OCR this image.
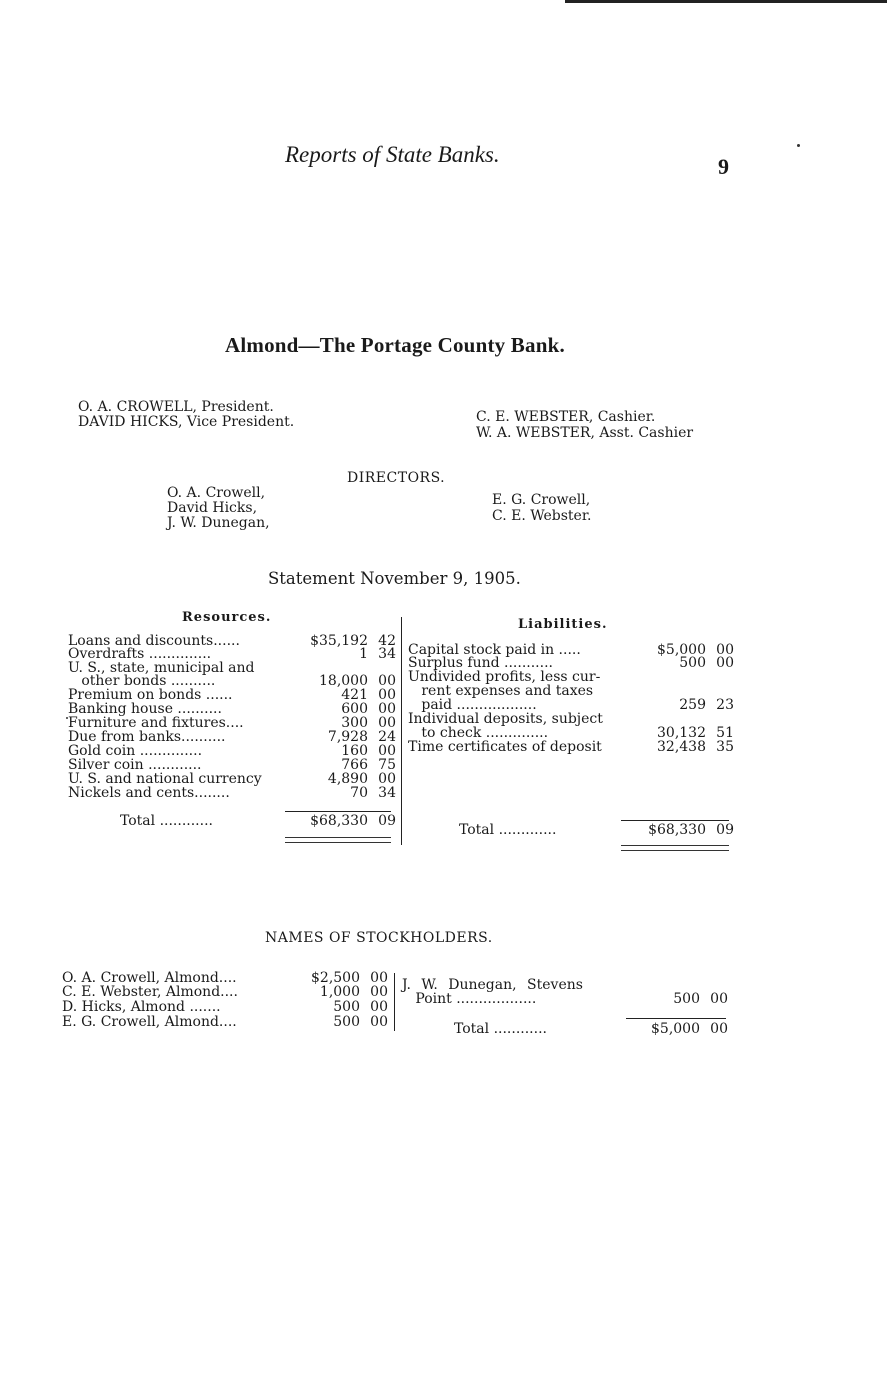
Reports of State Banks.	9
Almond—The Portage County Bank.
O. A. CROWELL, President.
DAVID HICKS, Vice President.	C. E. WEBSTER, Cashier.
W. A. WEBSTER, Asst. Cashier
DIRECTORS.
O. A. Crowell,
David Hicks,
J. W. Dunegan,
E. G. Crowell,
C. E. Webster.
Statement November 9, 1905.
Resources.	Liabilities.
Loans and discounts......	$35,192 42
Overdrafts ..............	1 34
U. S., state, municipal and
other bonds ..........	18,000 00
Premium on bonds ......	421 00
Banking house ..........	600 00
Furniture and fixtures....	300 00
Due from banks..........	7,928 24
Gold coin ..............	160 00
Silver coin ............	766 75
U. S. and national currency	4,890 00
Nickels and cents........	70 34
Total ............	$68,330 09
Capital stock paid in .....	$5,000 00
Surplus fund ...........	500 00
Undivided profits, less cur-
rent expenses and taxes
paid ..................	259 23
Individual deposits, subject
to check ..............	30,132 51
Time certificates of deposit	32,438 35
Total .............	$68,330 09
NAMES OF STOCKHOLDERS.
O. A. Crowell, Almond....	$2,500 00
C. E. Webster, Almond....	1,000 00
D. Hicks, Almond .......	500 00
E. G. Crowell, Almond....	500 00
J. W. Dunegan, Stevens
Point ..................	500 00
Total ............	$5,000 00
